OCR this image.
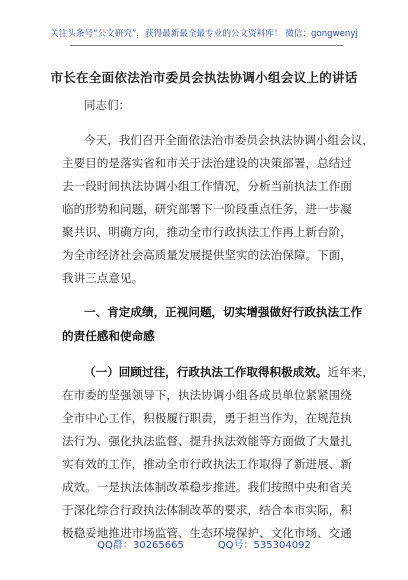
关注头条号“公文研究”，获得最新最全最专业的公文资料库！ 微信：gongwenyj
市长在全面依法治市委员会执法协调小组会议上的讲话
同志们：
今天，我们召开全面依法治市委员会执法协调小组会议，
主要目的是落实省和市关于法治建设的决策部署，总结过
去一段时间执法协调小组工作情况，分析当前执法工作面
临的形势和问题，研究部署下一阶段重点任务，进一步凝
聚共识、明确方向，推动全市行政执法工作再上新台阶，
为全市经济社会高质量发展提供坚实的法治保障。下面，
我讲三点意见。
一、肯定成绩，正视问题，切实增强做好行政执法工作
的责任感和使命感
（一）回顾过往，行政执法工作取得积极成效。近年来，
在市委的坚强领导下，执法协调小组各成员单位紧紧围绕
全市中心工作，积极履行职责，勇于担当作为，在规范执
法行为、强化执法监督、提升执法效能等方面做了大量扎
实有效的工作，推动全市行政执法工作取得了新进展、新
成效。一是执法体制改革稳步推进。我们按照中央和省关
于深化综合行政执法体制改革的要求，结合本市实际，积
极稳妥地推进市场监管、生态环境保护、文化市场、交通
QQ群：30265665	QQ号：535304092
